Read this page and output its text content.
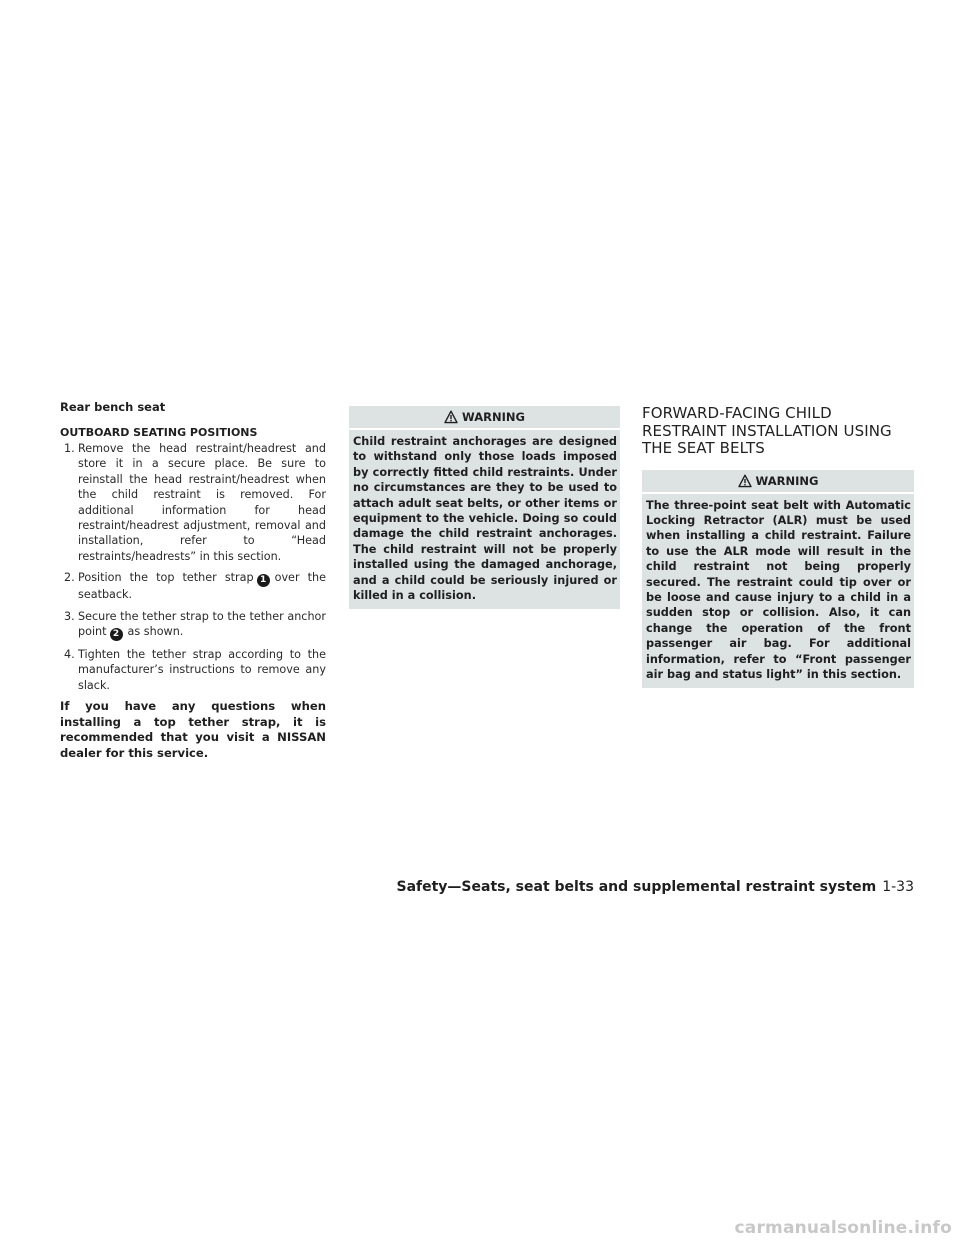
Rear bench seat
OUTBOARD SEATING POSITIONS
1. Remove the head restraint/headrest and store it in a secure place. Be sure to reinstall the head restraint/headrest when the child restraint is removed. For additional information for head restraint/headrest adjustment, removal and installation, refer to “Head restraints/headrests” in this section.
2. Position the top tether strap 1 over the seatback.
3. Secure the tether strap to the tether anchor point 2 as shown.
4. Tighten the tether strap according to the manufacturer’s instructions to remove any slack.

If you have any questions when installing a top tether strap, it is recommended that you visit a NISSAN dealer for this service.

WARNING
Child restraint anchorages are designed to withstand only those loads imposed by correctly fitted child restraints. Under no circumstances are they to be used to attach adult seat belts, or other items or equipment to the vehicle. Doing so could damage the child restraint anchorages. The child restraint will not be properly installed using the damaged anchorage, and a child could be seriously injured or killed in a collision.
FORWARD-FACING CHILD RESTRAINT INSTALLATION USING THE SEAT BELTS
WARNING
The three-point seat belt with Automatic Locking Retractor (ALR) must be used when installing a child restraint. Failure to use the ALR mode will result in the child restraint not being properly secured. The restraint could tip over or be loose and cause injury to a child in a sudden stop or collision. Also, it can change the operation of the front passenger air bag. For additional information, refer to “Front passenger air bag and status light” in this section.
Safety—Seats, seat belts and supplemental restraint system 1-33
carmanualsonline.info
